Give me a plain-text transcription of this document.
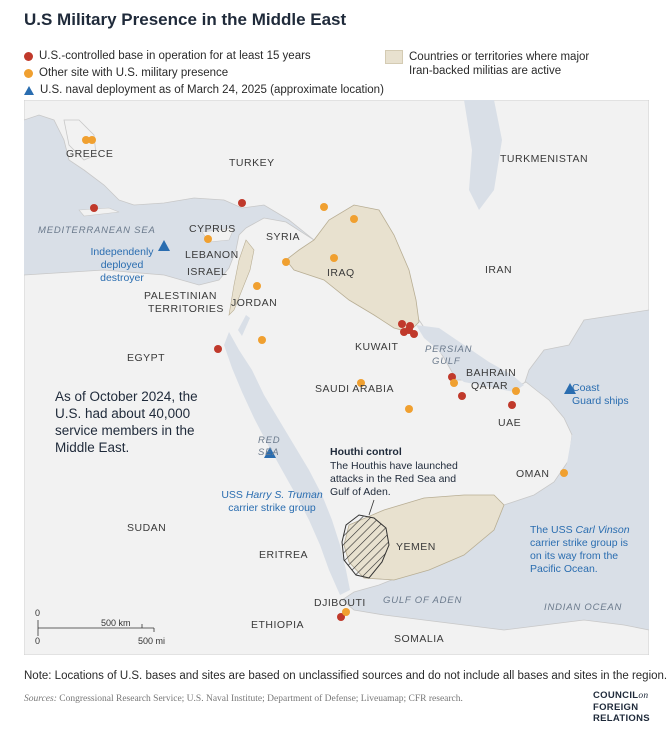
U.S Military Presence in the Middle East
U.S.-controlled base in operation for at least 15 years
Other site with U.S. military presence
U.S. naval deployment as of March 24, 2025 (approximate location)
Countries or territories where major
Iran-backed militias are active
GREECE
TURKEY	TURKMENISTAN
CYPRUS
SYRIA
LEBANON
ISRAEL
PALESTINIAN
TERRITORIES JORDAN
IRAQ	IRAN
EGYPT
KUWAIT
BAHRAIN
QATAR
SAUDI ARABIA
UAE
OMAN
SUDAN
YEMEN
ERITREA
DJIBOUTI
ETHIOPIA
SOMALIA
MEDITERRANEAN SEA
PERSIAN
GULF
RED
SEA
GULF OF ADEN
INDIAN OCEAN
Independenly
deployed
destroyer
Coast
Guard ships
USS Harry S. Truman
carrier strike group
The USS Carl Vinson
carrier strike group is
on its way from the
Pacific Ocean.
As of October 2024, the U.S. had about 40,000 service members in the Middle East.	Houthi control
The Houthis have launched attacks in the Red Sea and Gulf of Aden.
0
500 km
0	500 mi
Note: Locations of U.S. bases and sites are based on unclassified sources and do not include all bases and sites in the region.
Sources: Congressional Research Service; U.S. Naval Institute; Department of Defense; Liveuamap; CFR research.	COUNCILon
FOREIGN
RELATIONS
